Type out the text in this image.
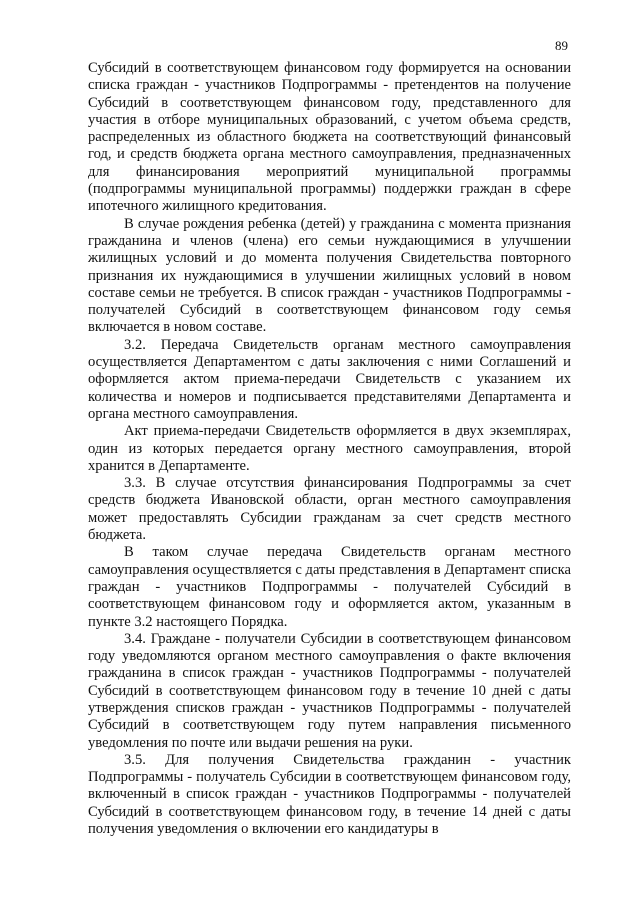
89

Субсидий в соответствующем финансовом году формируется на основании списка граждан - участников Подпрограммы - претендентов на получение Субсидий в соответствующем финансовом году, представленного для участия в отборе муниципальных образований, с учетом объема средств, распределенных из областного бюджета на соответствующий финансовый год, и средств бюджета органа местного самоуправления, предназначенных для финансирования мероприятий муниципальной программы (подпрограммы муниципальной программы) поддержки граждан в сфере ипотечного жилищного кредитования.

В случае рождения ребенка (детей) у гражданина с момента признания гражданина и членов (члена) его семьи нуждающимися в улучшении жилищных условий и до момента получения Свидетельства повторного признания их нуждающимися в улучшении жилищных условий в новом составе семьи не требуется. В список граждан - участников Подпрограммы - получателей Субсидий в соответствующем финансовом году семья включается в новом составе.

3.2. Передача Свидетельств органам местного самоуправления осуществляется Департаментом с даты заключения с ними Соглашений и оформляется актом приема-передачи Свидетельств с указанием их количества и номеров и подписывается представителями Департамента и органа местного самоуправления.

Акт приема-передачи Свидетельств оформляется в двух экземплярах, один из которых передается органу местного самоуправления, второй хранится в Департаменте.

3.3. В случае отсутствия финансирования Подпрограммы за счет средств бюджета Ивановской области, орган местного самоуправления может предоставлять Субсидии гражданам за счет средств местного бюджета.

В таком случае передача Свидетельств органам местного самоуправления осуществляется с даты представления в Департамент списка граждан - участников Подпрограммы - получателей Субсидий в соответствующем финансовом году и оформляется актом, указанным в пункте 3.2 настоящего Порядка.

3.4. Граждане - получатели Субсидии в соответствующем финансовом году уведомляются органом местного самоуправления о факте включения гражданина в список граждан - участников Подпрограммы - получателей Субсидий в соответствующем финансовом году в течение 10 дней с даты утверждения списков граждан - участников Подпрограммы - получателей Субсидий в соответствующем году путем направления письменного уведомления по почте или выдачи решения на руки.

3.5. Для получения Свидетельства гражданин - участник Подпрограммы - получатель Субсидии в соответствующем финансовом году, включенный в список граждан - участников Подпрограммы - получателей Субсидий в соответствующем финансовом году, в течение 14 дней с даты получения уведомления о включении его кандидатуры в
